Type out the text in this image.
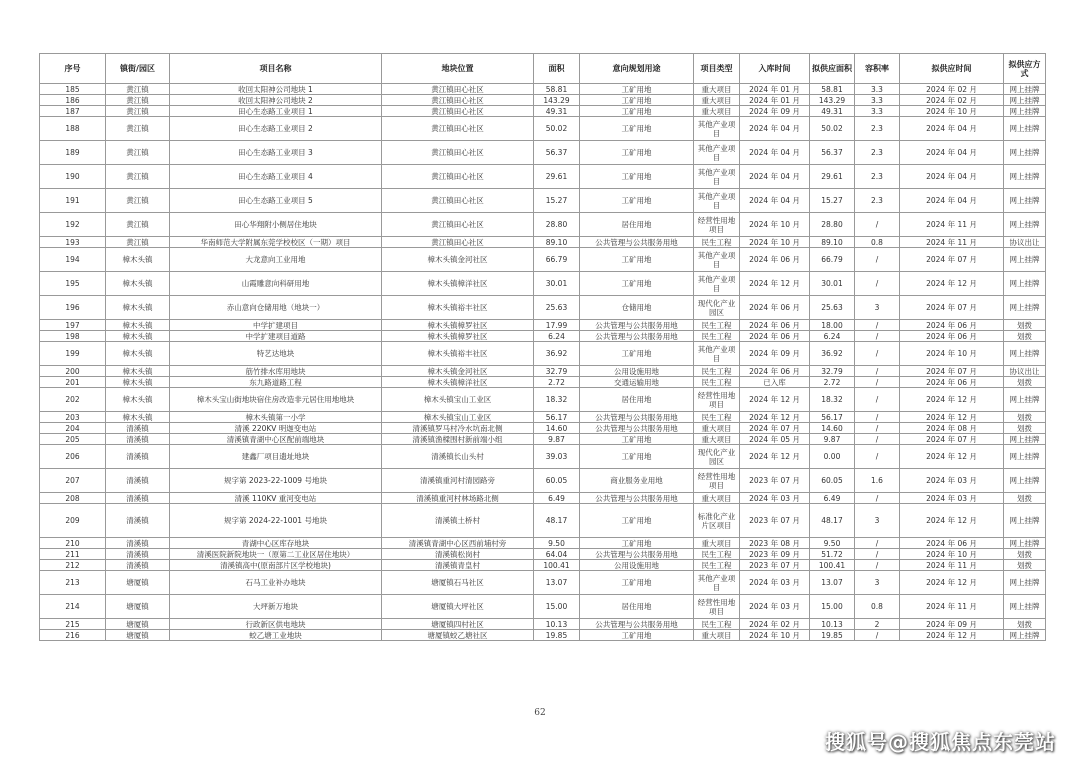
序号	镇街/园区	项目名称	地块位置	面积	意向规划用途	项目类型	入库时间	拟供应面积	容积率	拟供应时间	拟供应方式
185	黄江镇	收回太阳神公司地块 1	黄江镇田心社区	58.81	工矿用地	重大项目	2024 年 01 月	58.81	3.3	2024 年 02 月	网上挂牌
186	黄江镇	收回太阳神公司地块 2	黄江镇田心社区	143.29	工矿用地	重大项目	2024 年 01 月	143.29	3.3	2024 年 02 月	网上挂牌
187	黄江镇	田心生态路工业项目 1	黄江镇田心社区	49.31	工矿用地	重大项目	2024 年 09 月	49.31	3.3	2024 年 10 月	网上挂牌
188	黄江镇	田心生态路工业项目 2	黄江镇田心社区	50.02	工矿用地	其他产业项目	2024 年 04 月	50.02	2.3	2024 年 04 月	网上挂牌
189	黄江镇	田心生态路工业项目 3	黄江镇田心社区	56.37	工矿用地	其他产业项目	2024 年 04 月	56.37	2.3	2024 年 04 月	网上挂牌
190	黄江镇	田心生态路工业项目 4	黄江镇田心社区	29.61	工矿用地	其他产业项目	2024 年 04 月	29.61	2.3	2024 年 04 月	网上挂牌
191	黄江镇	田心生态路工业项目 5	黄江镇田心社区	15.27	工矿用地	其他产业项目	2024 年 04 月	15.27	2.3	2024 年 04 月	网上挂牌
192	黄江镇	田心华翔附小侧居住地块	黄江镇田心社区	28.80	居住用地	经营性用地项目	2024 年 10 月	28.80	/	2024 年 11 月	网上挂牌
193	黄江镇	华南师范大学附属东莞学校校区（一期）项目	黄江镇田心社区	89.10	公共管理与公共服务用地	民生工程	2024 年 10 月	89.10	0.8	2024 年 11 月	协议出让
194	樟木头镇	大龙意向工业用地	樟木头镇金河社区	66.79	工矿用地	其他产业项目	2024 年 06 月	66.79	/	2024 年 07 月	网上挂牌
195	樟木头镇	山霞雕意向科研用地	樟木头镇樟洋社区	30.01	工矿用地	其他产业项目	2024 年 12 月	30.01	/	2024 年 12 月	网上挂牌
196	樟木头镇	赤山意向仓储用地（地块一）	樟木头镇裕丰社区	25.63	仓储用地	现代化产业园区	2024 年 06 月	25.63	3	2024 年 07 月	网上挂牌
197	樟木头镇	中学扩建项目	樟木头镇樟罗社区	17.99	公共管理与公共服务用地	民生工程	2024 年 06 月	18.00	/	2024 年 06 月	划拨
198	樟木头镇	中学扩建项目道路	樟木头镇樟罗社区	6.24	公共管理与公共服务用地	民生工程	2024 年 06 月	6.24	/	2024 年 06 月	划拨
199	樟木头镇	特艺达地块	樟木头镇裕丰社区	36.92	工矿用地	其他产业项目	2024 年 09 月	36.92	/	2024 年 10 月	网上挂牌
200	樟木头镇	筋竹排水库用地块	樟木头镇金河社区	32.79	公用设施用地	民生工程	2024 年 06 月	32.79	/	2024 年 07 月	协议出让
201	樟木头镇	东九路道路工程	樟木头镇樟洋社区	2.72	交通运输用地	民生工程	已入库	2.72	/	2024 年 06 月	划拨
202	樟木头镇	樟木头宝山街地块宿住房改造非元居住用地地块	樟木头镇宝山工业区	18.32	居住用地	经营性用地项目	2024 年 12 月	18.32	/	2024 年 12 月	网上挂牌
203	樟木头镇	樟木头镇第一小学	樟木头镇宝山工业区	56.17	公共管理与公共服务用地	民生工程	2024 年 12 月	56.17	/	2024 年 12 月	划拨
204	清溪镇	清溪 220KV 明迦变电站	清溪镇罗马村冷水坑南北侧	14.60	公共管理与公共服务用地	重大项目	2024 年 07 月	14.60	/	2024 年 08 月	划拨
205	清溪镇	清溪镇青湖中心区配前端地块	清溪镇渔樑围村新前端小组	9.87	工矿用地	重大项目	2024 年 05 月	9.87	/	2024 年 07 月	网上挂牌
206	清溪镇	建鑫厂项目遗址地块	清溪镇长山头村	39.03	工矿用地	现代化产业园区	2024 年 12 月	0.00	/	2024 年 12 月	网上挂牌
207	清溪镇	规字第 2023-22-1009 号地块	清溪镇重河村清园路旁	60.05	商业服务业用地	经营性用地项目	2023 年 07 月	60.05	1.6	2024 年 03 月	网上挂牌
208	清溪镇	清溪 110KV 重河变电站	清溪镇重河村林场路北侧	6.49	公共管理与公共服务用地	重大项目	2024 年 03 月	6.49	/	2024 年 03 月	划拨
209	清溪镇	规字第 2024-22-1001 号地块	清溪镇土桥村	48.17	工矿用地	标准化产业片区项目	2023 年 07 月	48.17	3	2024 年 12 月	网上挂牌
210	清溪镇	青湖中心区库存地块	清溪镇青湖中心区西前埔村旁	9.50	工矿用地	重大项目	2023 年 08 月	9.50	/	2024 年 06 月	网上挂牌
211	清溪镇	清溪医院新院地块一（原第二工业区居住地块）	清溪镇松岗村	64.04	公共管理与公共服务用地	民生工程	2023 年 09 月	51.72	/	2024 年 10 月	划拨
212	清溪镇	清溪镇高中(原南部片区学校地块)	清溪镇青皇村	100.41	公用设施用地	民生工程	2023 年 07 月	100.41	/	2024 年 11 月	划拨
213	塘厦镇	石马工业补办地块	塘厦镇石马社区	13.07	工矿用地	其他产业项目	2024 年 03 月	13.07	3	2024 年 12 月	网上挂牌
214	塘厦镇	大坪新万地块	塘厦镇大坪社区	15.00	居住用地	经营性用地项目	2024 年 03 月	15.00	0.8	2024 年 11 月	网上挂牌
215	塘厦镇	行政新区供电地块	塘厦镇四村社区	10.13	公共管理与公共服务用地	民生工程	2024 年 02 月	10.13	2	2024 年 09 月	划拨
216	塘厦镇	蛟乙塘工业地块	塘厦镇蛟乙塘社区	19.85	工矿用地	重大项目	2024 年 10 月	19.85	/	2024 年 12 月	网上挂牌
62
搜狐号@搜狐焦点东莞站
